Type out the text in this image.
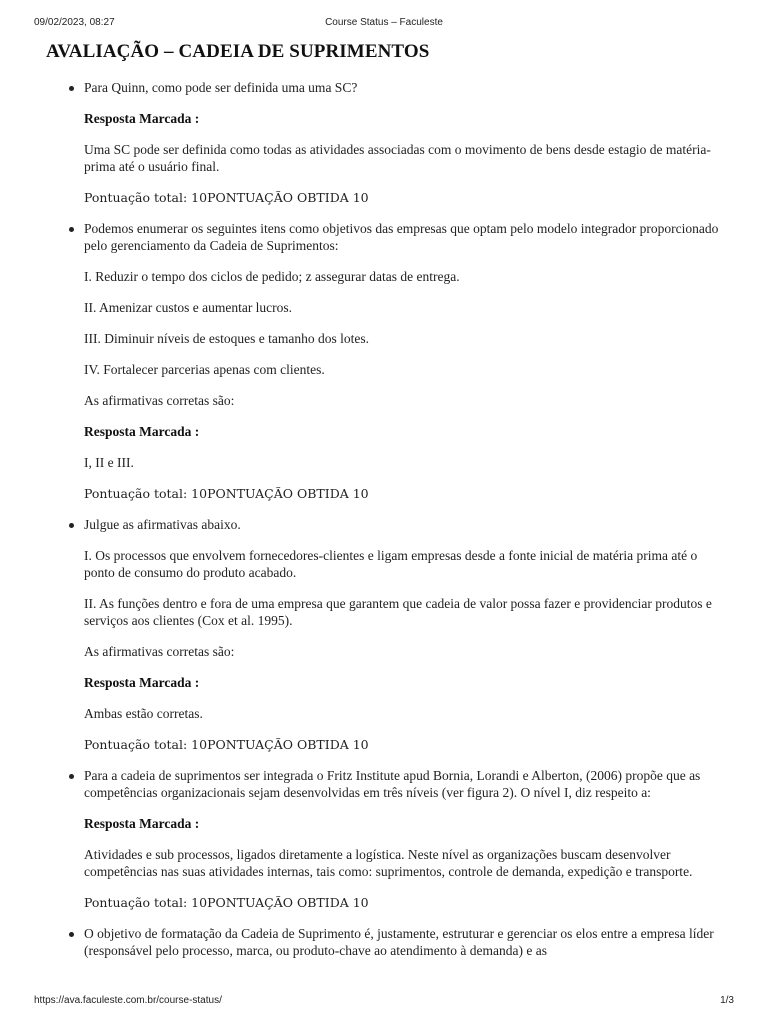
09/02/2023, 08:27	Course Status – Faculeste
AVALIAÇÃO – CADEIA DE SUPRIMENTOS

Para Quinn, como pode ser definida uma uma SC?

Resposta Marcada :

Uma SC pode ser definida como todas as atividades associadas com o movimento de bens desde estagio de matéria-prima até o usuário final.

Pontuação total: 10PONTUAÇÃO OBTIDA 10

Podemos enumerar os seguintes itens como objetivos das empresas que optam pelo modelo integrador proporcionado pelo gerenciamento da Cadeia de Suprimentos:

I. Reduzir o tempo dos ciclos de pedido; z assegurar datas de entrega.

II. Amenizar custos e aumentar lucros.

III. Diminuir níveis de estoques e tamanho dos lotes.

IV. Fortalecer parcerias apenas com clientes.

As afirmativas corretas são:

Resposta Marcada :

I, II e III.

Pontuação total: 10PONTUAÇÃO OBTIDA 10

Julgue as afirmativas abaixo.

I. Os processos que envolvem fornecedores-clientes e ligam empresas desde a fonte inicial de matéria prima até o ponto de consumo do produto acabado.

II. As funções dentro e fora de uma empresa que garantem que cadeia de valor possa fazer e providenciar produtos e serviços aos clientes (Cox et al. 1995).

As afirmativas corretas são:

Resposta Marcada :

Ambas estão corretas.

Pontuação total: 10PONTUAÇÃO OBTIDA 10

Para a cadeia de suprimentos ser integrada o Fritz Institute apud Bornia, Lorandi e Alberton, (2006) propõe que as competências organizacionais sejam desenvolvidas em três níveis (ver figura 2). O nível I, diz respeito a:

Resposta Marcada :

Atividades e sub processos, ligados diretamente a logística. Neste nível as organizações buscam desenvolver competências nas suas atividades internas, tais como: suprimentos, controle de demanda, expedição e transporte.

Pontuação total: 10PONTUAÇÃO OBTIDA 10

O objetivo de formatação da Cadeia de Suprimento é, justamente, estruturar e gerenciar os elos entre a empresa líder (responsável pelo processo, marca, ou produto-chave ao atendimento à demanda) e as

https://ava.faculeste.com.br/course-status/	1/3
